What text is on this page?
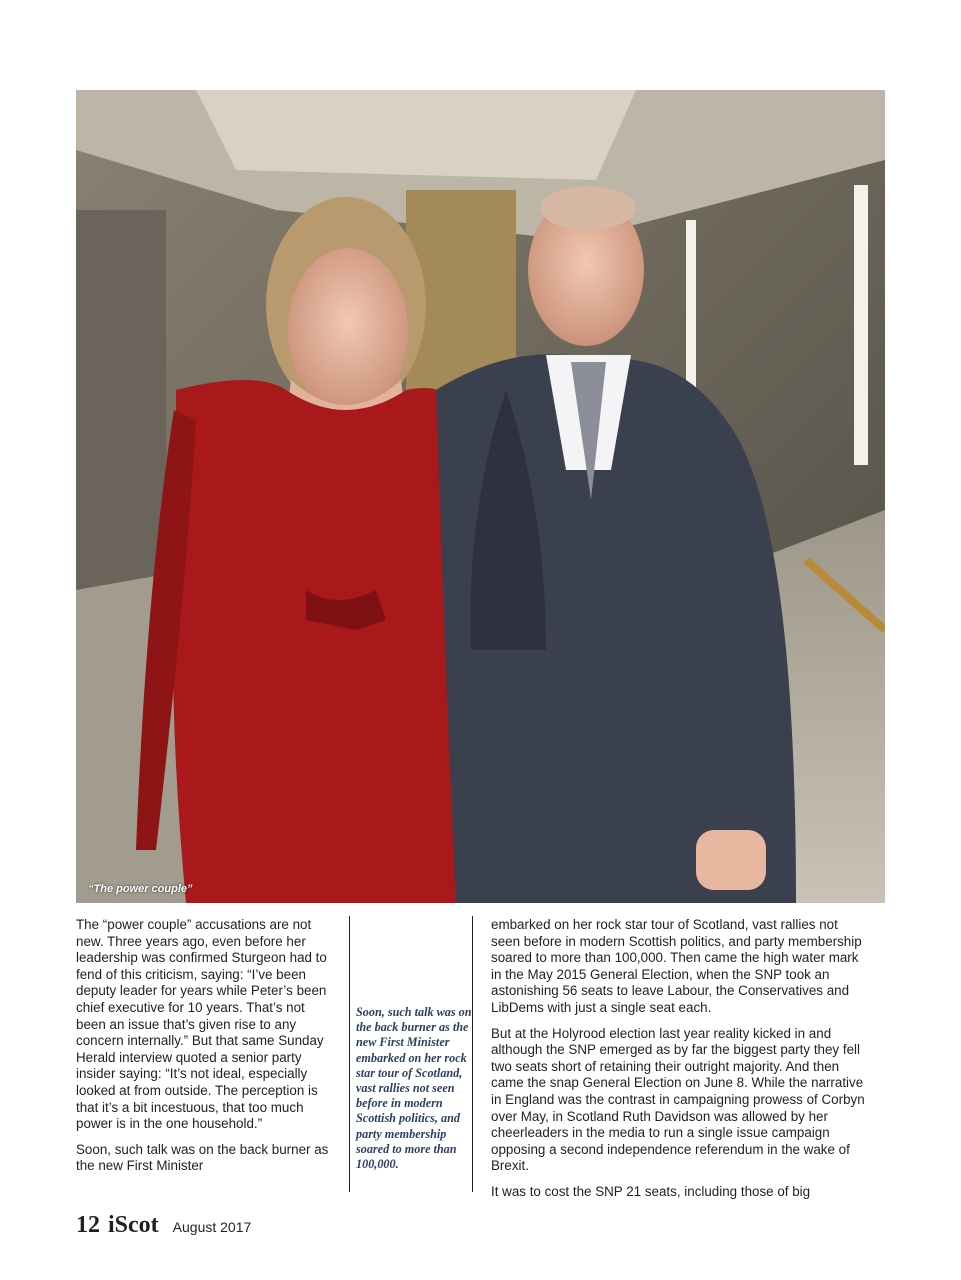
“The power couple”

The “power couple” accusations are not new. Three years ago, even before her leadership was confirmed Sturgeon had to fend of this criticism, saying: “I’ve been deputy leader for years while Peter’s been chief executive for 10 years. That’s not been an issue that’s given rise to any concern internally.” But that same Sunday Herald interview quoted a senior party insider saying: “It’s not ideal, especially looked at from outside. The perception is that it’s a bit incestuous, that too much power is in the one household.”

Soon, such talk was on the back burner as the new First Minister

Soon, such talk was on the back burner as the new First Minister embarked on her rock star tour of Scotland, vast rallies not seen before in modern Scottish politics, and party membership soared to more than 100,000.

embarked on her rock star tour of Scotland, vast rallies not seen before in modern Scottish politics, and party membership soared to more than 100,000. Then came the high water mark in the May 2015 General Election, when the SNP took an astonishing 56 seats to leave Labour, the Conservatives and LibDems with just a single seat each.

But at the Holyrood election last year reality kicked in and although the SNP emerged as by far the biggest party they fell two seats short of retaining their outright majority. And then came the snap General Election on June 8. While the narrative in England was the contrast in campaigning prowess of Corbyn over May, in Scotland Ruth Davidson was allowed by her cheerleaders in the media to run a single issue campaign opposing a second independence referendum in the wake of Brexit.

It was to cost the SNP 21 seats, including those of big

12 iScot August 2017
